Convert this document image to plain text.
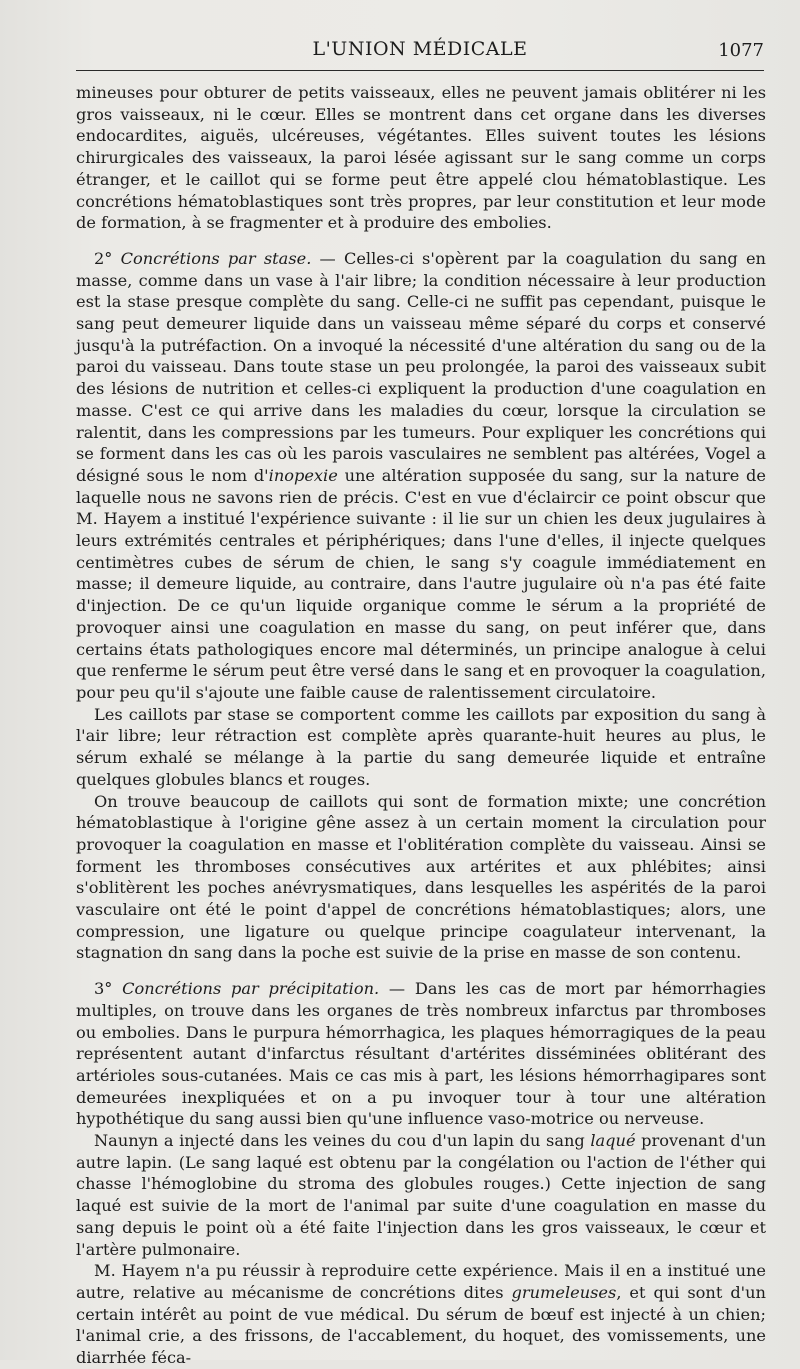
L'UNION MÉDICALE	1077

mineuses pour obturer de petits vaisseaux, elles ne peuvent jamais oblitérer ni les gros vaisseaux, ni le cœur. Elles se montrent dans cet organe dans les diverses endocardites, aiguës, ulcéreuses, végétantes. Elles suivent toutes les lésions chirurgicales des vaisseaux, la paroi lésée agissant sur le sang comme un corps étranger, et le caillot qui se forme peut être appelé clou hématoblastique. Les concrétions hématoblastiques sont très propres, par leur constitution et leur mode de formation, à se fragmenter et à produire des embolies.

2° Concrétions par stase. — Celles-ci s'opèrent par la coagulation du sang en masse, comme dans un vase à l'air libre; la condition nécessaire à leur production est la stase presque complète du sang. Celle-ci ne suffit pas cependant, puisque le sang peut demeurer liquide dans un vaisseau même séparé du corps et conservé jusqu'à la putréfaction. On a invoqué la nécessité d'une altération du sang ou de la paroi du vaisseau. Dans toute stase un peu prolongée, la paroi des vaisseaux subit des lésions de nutrition et celles-ci expliquent la production d'une coagulation en masse. C'est ce qui arrive dans les maladies du cœur, lorsque la circulation se ralentit, dans les compressions par les tumeurs. Pour expliquer les concrétions qui se forment dans les cas où les parois vasculaires ne semblent pas altérées, Vogel a désigné sous le nom d'inopexie une altération supposée du sang, sur la nature de laquelle nous ne savons rien de précis. C'est en vue d'éclaircir ce point obscur que M. Hayem a institué l'expérience suivante : il lie sur un chien les deux jugulaires à leurs extrémités centrales et périphériques; dans l'une d'elles, il injecte quelques centimètres cubes de sérum de chien, le sang s'y coagule immédiatement en masse; il demeure liquide, au contraire, dans l'autre jugulaire où n'a pas été faite d'injection. De ce qu'un liquide organique comme le sérum a la propriété de provoquer ainsi une coagulation en masse du sang, on peut inférer que, dans certains états pathologiques encore mal déterminés, un principe analogue à celui que renferme le sérum peut être versé dans le sang et en provoquer la coagulation, pour peu qu'il s'ajoute une faible cause de ralentissement circulatoire.

Les caillots par stase se comportent comme les caillots par exposition du sang à l'air libre; leur rétraction est complète après quarante-huit heures au plus, le sérum exhalé se mélange à la partie du sang demeurée liquide et entraîne quelques globules blancs et rouges.

On trouve beaucoup de caillots qui sont de formation mixte; une concrétion hématoblastique à l'origine gêne assez à un certain moment la circulation pour provoquer la coagulation en masse et l'oblitération complète du vaisseau. Ainsi se forment les thromboses consécutives aux artérites et aux phlébites; ainsi s'oblitèrent les poches anévrysmatiques, dans lesquelles les aspérités de la paroi vasculaire ont été le point d'appel de concrétions hématoblastiques; alors, une compression, une ligature ou quelque principe coagulateur intervenant, la stagnation dn sang dans la poche est suivie de la prise en masse de son contenu.

3° Concrétions par précipitation. — Dans les cas de mort par hémorrhagies multiples, on trouve dans les organes de très nombreux infarctus par thromboses ou embolies. Dans le purpura hémorrhagica, les plaques hémorragiques de la peau représentent autant d'infarctus résultant d'artérites disséminées oblitérant des artérioles sous-cutanées. Mais ce cas mis à part, les lésions hémorrhagipares sont demeurées inexpliquées et on a pu invoquer tour à tour une altération hypothétique du sang aussi bien qu'une influence vaso-motrice ou nerveuse.

Naunyn a injecté dans les veines du cou d'un lapin du sang laqué provenant d'un autre lapin. (Le sang laqué est obtenu par la congélation ou l'action de l'éther qui chasse l'hémoglobine du stroma des globules rouges.) Cette injection de sang laqué est suivie de la mort de l'animal par suite d'une coagulation en masse du sang depuis le point où a été faite l'injection dans les gros vaisseaux, le cœur et l'artère pulmonaire.

M. Hayem n'a pu réussir à reproduire cette expérience. Mais il en a institué une autre, relative au mécanisme de concrétions dites grumeleuses, et qui sont d'un certain intérêt au point de vue médical. Du sérum de bœuf est injecté à un chien; l'animal crie, a des frissons, de l'accablement, du hoquet, des vomissements, une diarrhée féca-
